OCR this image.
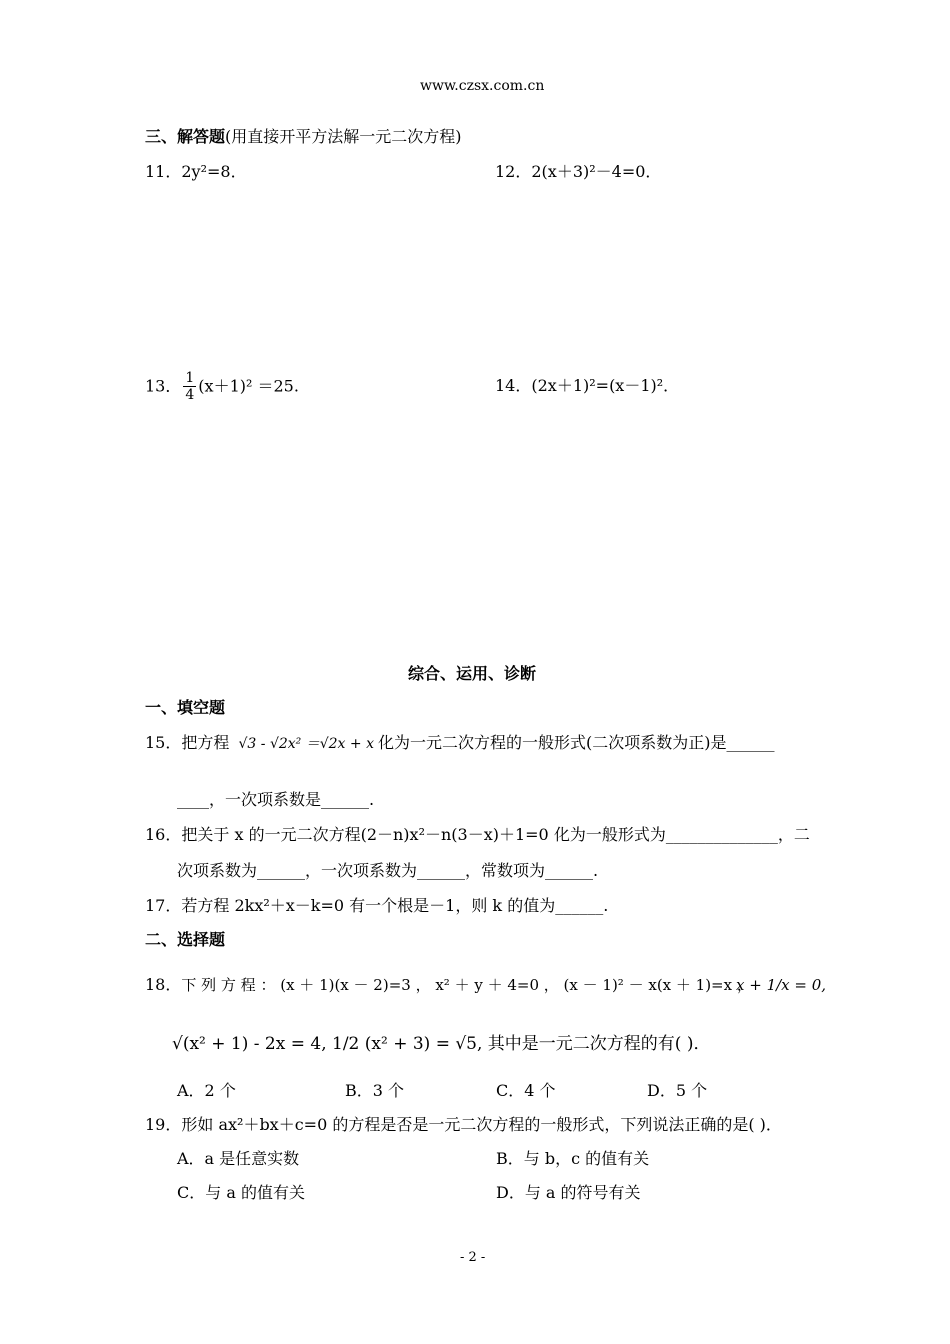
www.czsx.com.cn
三、解答题(用直接开平方法解一元二次方程)
11．2y²=8．	12．2(x＋3)²－4=0．
13． $\frac{1}{4} (x+1)^2 =25$.	14．(2x＋1)²=(x－1)²．
综合、运用、诊断
一、填空题
15．把方程 √3 - √2x² ＝√2x + x 化为一元二次方程的一般形式(二次项系数为正)是______
____，一次项系数是______.
16．把关于 x 的一元二次方程(2－n)x²－n(3－x)＋1=0 化为一般形式为______________，二
次项系数为______，一次项系数为______，常数项为______.
17．若方程 2kx²＋x－k=0 有一个根是－1，则 k 的值为______.
二、选择题
18．下 列 方 程 ： (x ＋ 1)(x － 2)=3 ， x² ＋ y ＋ 4=0 ， (x － 1)² － x(x ＋ 1)=x ，
x + 1/x = 0,
√(x² + 1) - 2x = 4, 1/2 (x² + 3) = √5, 其中是一元二次方程的有( )．
A．2 个	B．3 个	C．4 个	D．5 个
19．形如 ax²＋bx＋c=0 的方程是否是一元二次方程的一般形式，下列说法正确的是( )．
A．a 是任意实数	B．与 b，c 的值有关
C．与 a 的值有关	D．与 a 的符号有关
- 2 -
